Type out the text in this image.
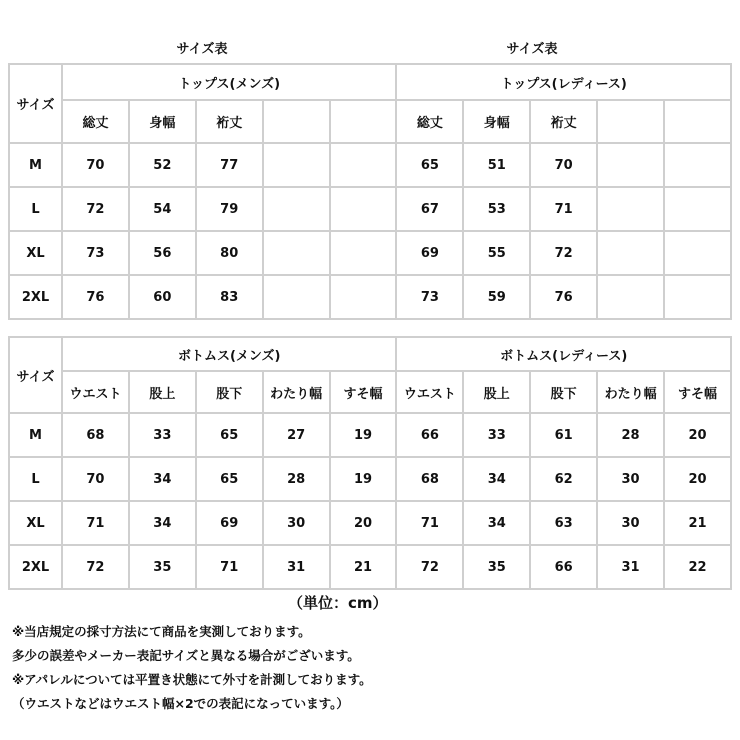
サイズ表	サイズ表
サイズ	トップス(メンズ)					トップス(レディース)				
	総丈	身幅	裄丈			総丈	身幅	裄丈		
M	70	52	77			65	51	70		
L	72	54	79			67	53	71		
XL	73	56	80			69	55	72		
2XL	76	60	83			73	59	76		
サイズ	ボトムス(メンズ)					ボトムス(レディース)				
	ウエスト	股上	股下	わたり幅	すそ幅	ウエスト	股上	股下	わたり幅	すそ幅
M	68	33	65	27	19	66	33	61	28	20
L	70	34	65	28	19	68	34	62	30	20
XL	71	34	69	30	20	71	34	63	30	21
2XL	72	35	71	31	21	72	35	66	31	22
（単位：cm）
※当店規定の採寸方法にて商品を実測しております。
多少の誤差やメーカー表記サイズと異なる場合がございます。
※アパレルについては平置き状態にて外寸を計測しております。
（ウエストなどはウエスト幅×2での表記になっています。）
